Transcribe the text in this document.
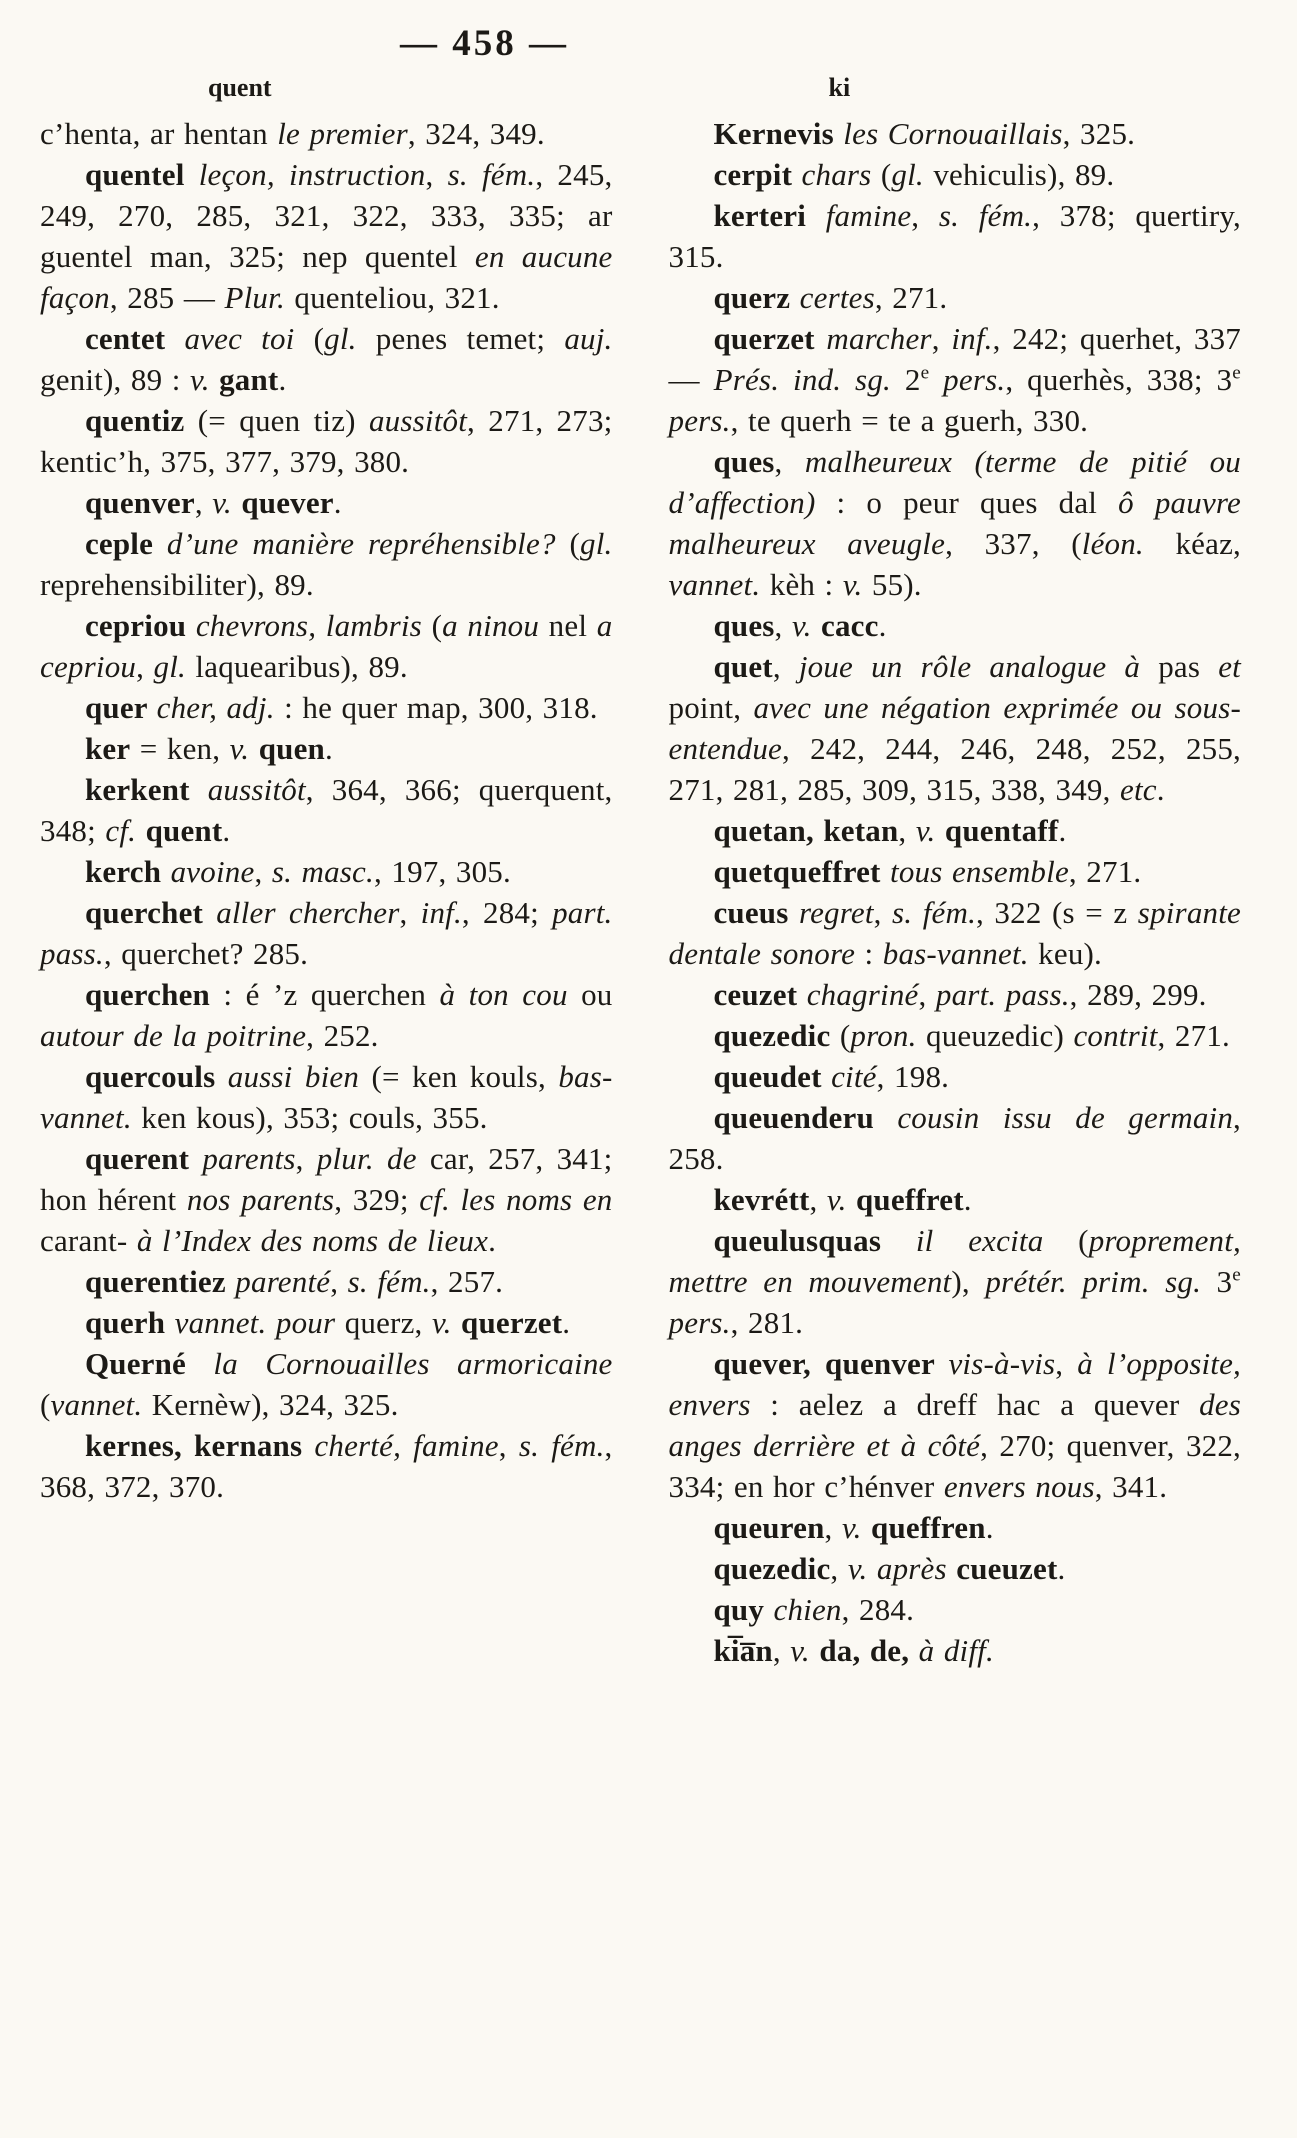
— 458 —
quent

c’henta, ar hentan le premier, 324, 349.

quentel leçon, instruction, s. fém., 245, 249, 270, 285, 321, 322, 333, 335; ar guentel man, 325; nep quentel en aucune façon, 285 — Plur. quenteliou, 321.

centet avec toi (gl. penes temet; auj. genit), 89 : v. gant.

quentiz (= quen tiz) aussitôt, 271, 273; kentic’h, 375, 377, 379, 380.

quenver, v. quever.

ceple d’une manière repréhensible? (gl. reprehensibiliter), 89.

cepriou chevrons, lambris (a ninou nel a cepriou, gl. laquearibus), 89.

quer cher, adj. : he quer map, 300, 318.

ker = ken, v. quen.

kerkent aussitôt, 364, 366; querquent, 348; cf. quent.

kerch avoine, s. masc., 197, 305.

querchet aller chercher, inf., 284; part. pass., querchet? 285.

querchen : é ’z querchen à ton cou ou autour de la poitrine, 252.

quercouls aussi bien (= ken kouls, bas-vannet. ken kous), 353; couls, 355.

querent parents, plur. de car, 257, 341; hon hérent nos parents, 329; cf. les noms en carant- à l’Index des noms de lieux.

querentiez parenté, s. fém., 257.

querh vannet. pour querz, v. querzet.

Querné la Cornouailles armoricaine (vannet. Kernèw), 324, 325.

kernes, kernans cherté, famine, s. fém., 368, 372, 370.

ki

Kernevis les Cornouaillais, 325.

cerpit chars (gl. vehiculis), 89.

kerteri famine, s. fém., 378; quertiry, 315.

querz certes, 271.

querzet marcher, inf., 242; querhet, 337 — Prés. ind. sg. 2e pers., querhès, 338; 3e pers., te querh = te a guerh, 330.

ques, malheureux (terme de pitié ou d’affection) : o peur ques dal ô pauvre malheureux aveugle, 337, (léon. kéaz, vannet. kèh : v. 55).

ques, v. cacc.

quet, joue un rôle analogue à pas et point, avec une négation exprimée ou sous-entendue, 242, 244, 246, 248, 252, 255, 271, 281, 285, 309, 315, 338, 349, etc.

quetan, ketan, v. quentaff.

quetqueffret tous ensemble, 271.

cueus regret, s. fém., 322 (s = z spirante dentale sonore : bas-vannet. keu).

ceuzet chagriné, part. pass., 289, 299.

quezedic (pron. queuzedic) contrit, 271.

queudet cité, 198.

queuenderu cousin issu de germain, 258.

kevrétt, v. queffret.

queulusquas il excita (proprement, mettre en mouvement), prétér. prim. sg. 3e pers., 281.

quever, quenver vis-à-vis, à l’opposite, envers : aelez a dreff hac a quever des anges derrière et à côté, 270; quenver, 322, 334; en hor c’hénver envers nous, 341.

queuren, v. queffren.

quezedic, v. après cueuzet.

quy chien, 284.

ki̅a̅n, v. da, de, à diff.
